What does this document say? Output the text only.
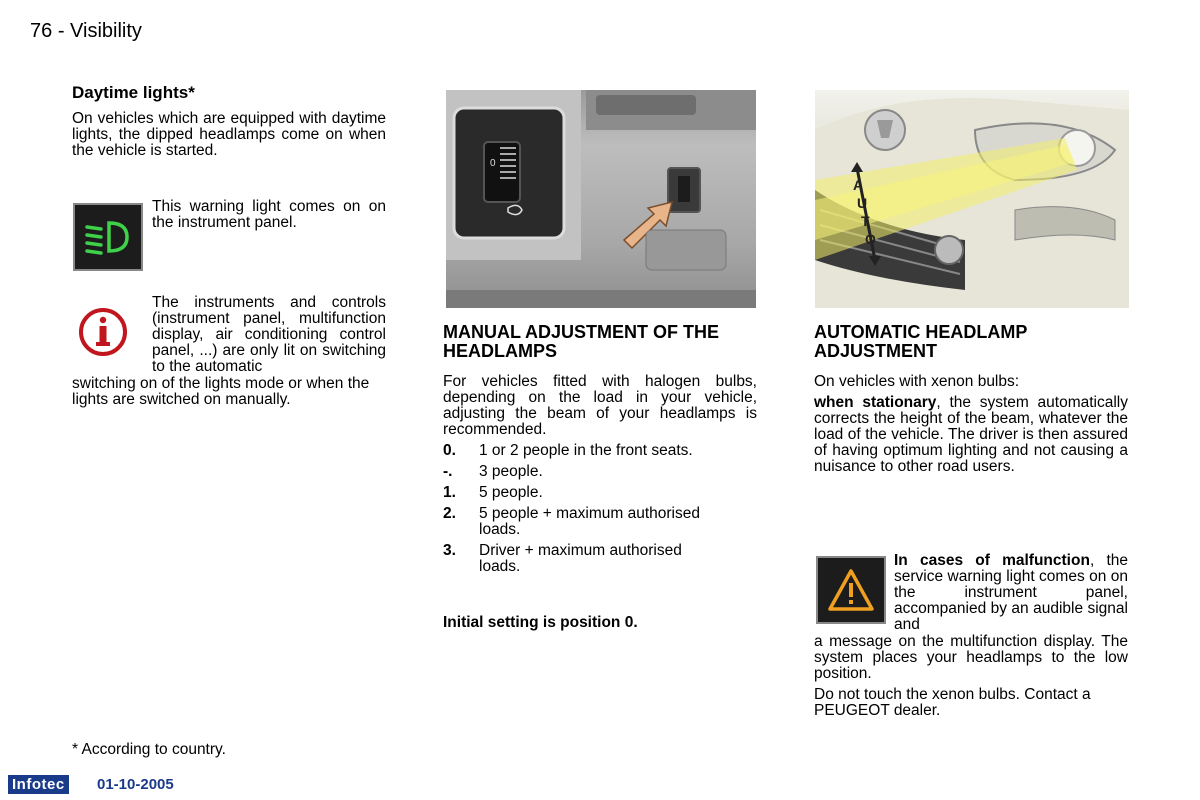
76 - Visibility
Daytime lights*
On vehicles which are equipped with daytime lights, the dipped headlamps come on when the vehicle is started.
This warning light comes on on the instrument panel.
The instruments and controls (instrument panel, multifunction display, air conditioning control panel, ...) are only lit on switching to the automatic
switching on of the lights mode or when the lights are switched on manually.
* According to country.
0
MANUAL ADJUSTMENT OF THE HEADLAMPS
For vehicles fitted with halogen bulbs, depending on the load in your vehicle, adjusting the beam of your headlamps is recommended.
0.	1 or 2 people in the front seats.
-.	3 people.
1.	5 people.
2.	5 people + maximum authorised loads.
3.	Driver + maximum authorised loads.
Initial setting is position 0.
A
U
T
O
AUTOMATIC HEADLAMP ADJUSTMENT
On vehicles with xenon bulbs:
when stationary, the system automatically corrects the height of the beam, whatever the load of the vehicle. The driver is then assured of having optimum lighting and not causing a nuisance to other road users.
In cases of malfunction, the service warning light comes on on the instrument panel, accompanied by an audible signal and
a message on the multifunction display. The system places your headlamps to the low position.
Do not touch the xenon bulbs. Contact a PEUGEOT dealer.
Infotec 01-10-2005
